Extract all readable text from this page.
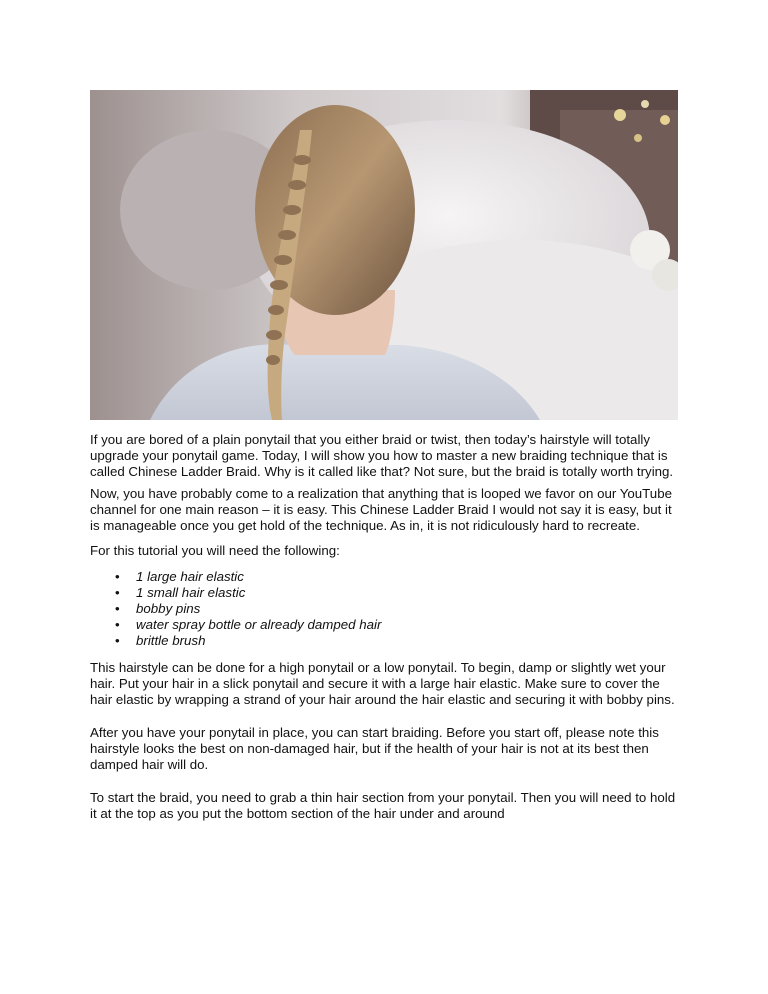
If you are bored of a plain ponytail that you either braid or twist, then today’s hairstyle will totally upgrade your ponytail game. Today, I will show you how to master a new braiding technique that is called Chinese Ladder Braid. Why is it called like that? Not sure, but the braid is totally worth trying.

Now, you have probably come to a realization that anything that is looped we favor on our YouTube channel for one main reason – it is easy. This Chinese Ladder Braid I would not say it is easy, but it is manageable once you get hold of the technique. As in, it is not ridiculously hard to recreate.

For this tutorial you will need the following:

• 1 large hair elastic
• 1 small hair elastic
• bobby pins
• water spray bottle or already damped hair
• brittle brush

This hairstyle can be done for a high ponytail or a low ponytail. To begin, damp or slightly wet your hair. Put your hair in a slick ponytail and secure it with a large hair elastic. Make sure to cover the hair elastic by wrapping a strand of your hair around the hair elastic and securing it with bobby pins.

After you have your ponytail in place, you can start braiding. Before you start off, please note this hairstyle looks the best on non-damaged hair, but if the health of your hair is not at its best then damped hair will do.

To start the braid, you need to grab a thin hair section from your ponytail. Then you will need to hold it at the top as you put the bottom section of the hair under and around
